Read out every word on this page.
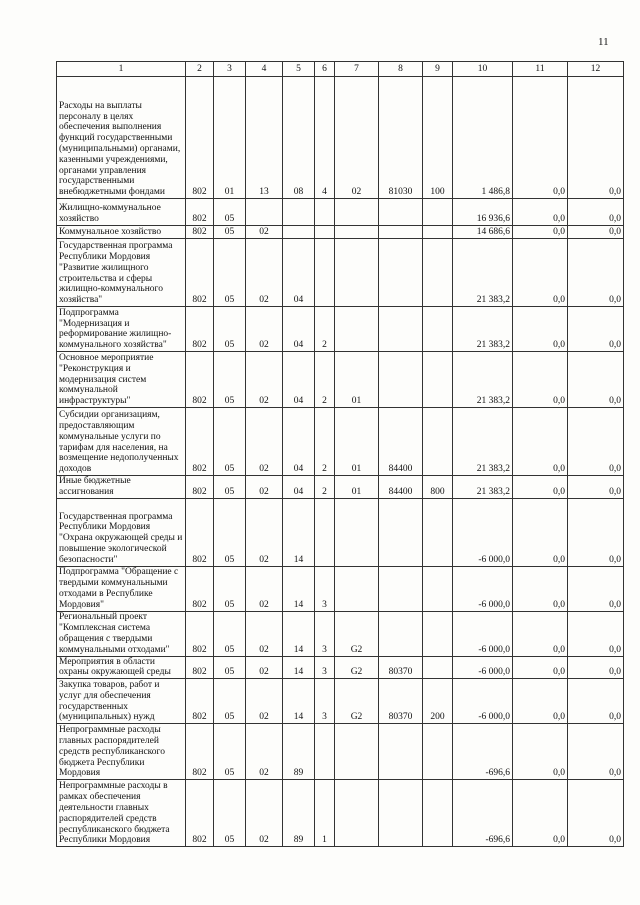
11
1	2	3	4	5	6	7	8	9	10	11	12
Расходы на выплаты персоналу в целях обеспечения выполнения функций государственными (муниципальными) органами, казенными учреждениями, органами управления государственными внебюджетными фондами	802	01	13	08	4	02	81030	100	1 486,8	0,0	0,0
Жилищно-коммунальное хозяйство	802	05							16 936,6	0,0	0,0
Коммунальное хозяйство	802	05	02						14 686,6	0,0	0,0
Государственная программа Республики Мордовия "Развитие жилищного строительства и сферы жилищно-коммунального хозяйства"	802	05	02	04					21 383,2	0,0	0,0
Подпрограмма "Модернизация и реформирование жилищно-коммунального хозяйства"	802	05	02	04	2				21 383,2	0,0	0,0
Основное мероприятие "Реконструкция и модернизация систем коммунальной инфраструктуры"	802	05	02	04	2	01			21 383,2	0,0	0,0
Субсидии организациям, предоставляющим коммунальные услуги по тарифам для населения, на возмещение недополученных доходов	802	05	02	04	2	01	84400		21 383,2	0,0	0,0
Иные бюджетные ассигнования	802	05	02	04	2	01	84400	800	21 383,2	0,0	0,0
Государственная программа Республики Мордовия "Охрана окружающей среды и повышение экологической безопасности"	802	05	02	14					-6 000,0	0,0	0,0
Подпрограмма "Обращение с твердыми коммунальными отходами в Республике Мордовия"	802	05	02	14	3				-6 000,0	0,0	0,0
Региональный проект "Комплексная система обращения с твердыми коммунальными отходами"	802	05	02	14	3	G2			-6 000,0	0,0	0,0
Мероприятия в области охраны окружающей среды	802	05	02	14	3	G2	80370		-6 000,0	0,0	0,0
Закупка товаров, работ и услуг для обеспечения государственных (муниципальных) нужд	802	05	02	14	3	G2	80370	200	-6 000,0	0,0	0,0
Непрограммные расходы главных распорядителей средств республиканского бюджета Республики Мордовия	802	05	02	89					-696,6	0,0	0,0
Непрограммные расходы в рамках обеспечения деятельности главных распорядителей средств республиканского бюджета Республики Мордовия	802	05	02	89	1				-696,6	0,0	0,0
